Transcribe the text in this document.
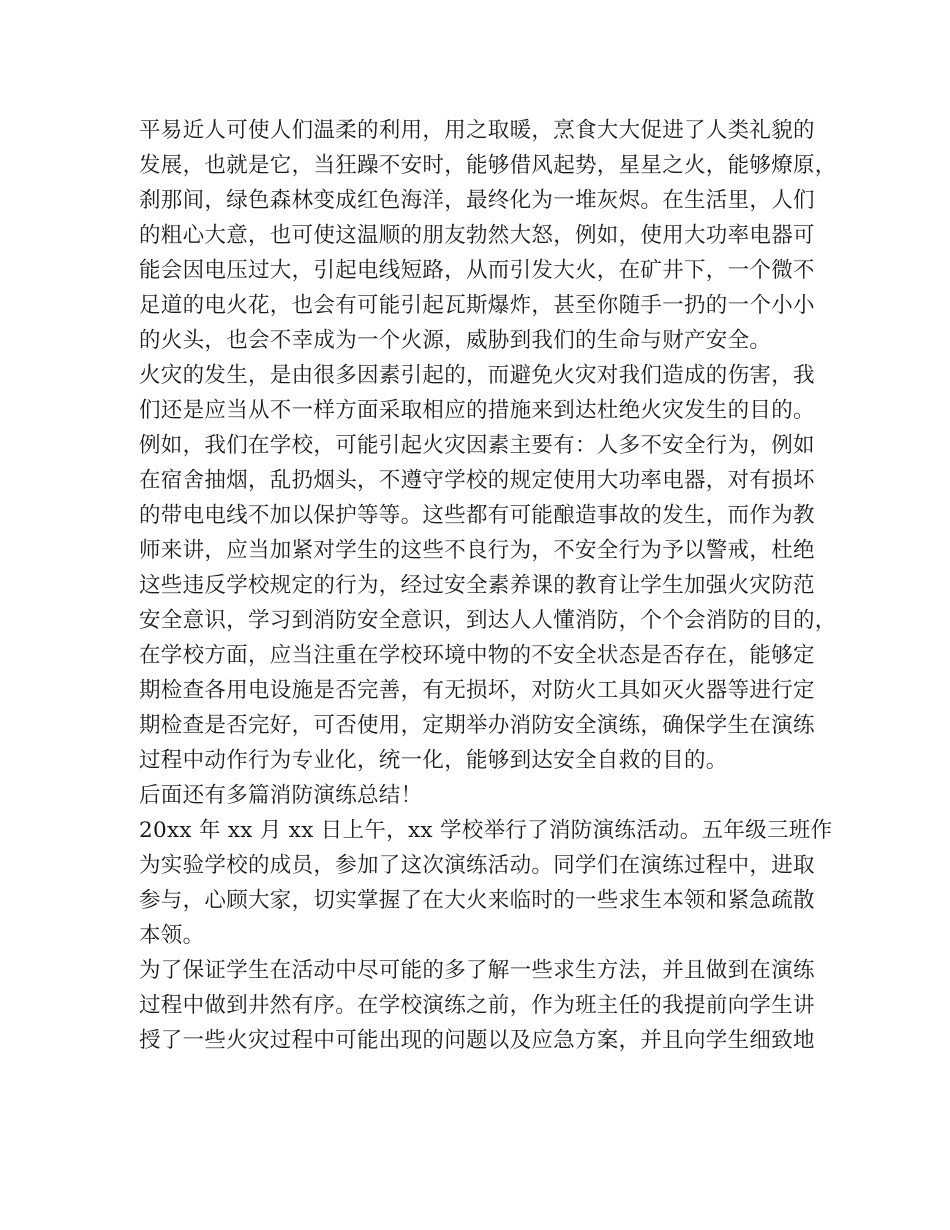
平易近人可使人们温柔的利用，用之取暖，烹食大大促进了人类礼貌的
发展，也就是它，当狂躁不安时，能够借风起势，星星之火，能够燎原，
刹那间，绿色森林变成红色海洋，最终化为一堆灰烬。在生活里，人们
的粗心大意，也可使这温顺的朋友勃然大怒，例如，使用大功率电器可
能会因电压过大，引起电线短路，从而引发大火，在矿井下，一个微不
足道的电火花，也会有可能引起瓦斯爆炸，甚至你随手一扔的一个小小
的火头，也会不幸成为一个火源，威胁到我们的生命与财产安全。
火灾的发生，是由很多因素引起的，而避免火灾对我们造成的伤害，我
们还是应当从不一样方面采取相应的措施来到达杜绝火灾发生的目的。
例如，我们在学校，可能引起火灾因素主要有：人多不安全行为，例如
在宿舍抽烟，乱扔烟头，不遵守学校的规定使用大功率电器，对有损坏
的带电电线不加以保护等等。这些都有可能酿造事故的发生，而作为教
师来讲，应当加紧对学生的这些不良行为，不安全行为予以警戒，杜绝
这些违反学校规定的行为，经过安全素养课的教育让学生加强火灾防范
安全意识，学习到消防安全意识，到达人人懂消防，个个会消防的目的，
在学校方面，应当注重在学校环境中物的不安全状态是否存在，能够定
期检查各用电设施是否完善，有无损坏，对防火工具如灭火器等进行定
期检查是否完好，可否使用，定期举办消防安全演练，确保学生在演练
过程中动作行为专业化，统一化，能够到达安全自救的目的。
后面还有多篇消防演练总结！
20xx 年 xx 月 xx 日上午，xx 学校举行了消防演练活动。五年级三班作
为实验学校的成员，参加了这次演练活动。同学们在演练过程中，进取
参与，心顾大家，切实掌握了在大火来临时的一些求生本领和紧急疏散
本领。
为了保证学生在活动中尽可能的多了解一些求生方法，并且做到在演练
过程中做到井然有序。在学校演练之前，作为班主任的我提前向学生讲
授了一些火灾过程中可能出现的问题以及应急方案，并且向学生细致地
